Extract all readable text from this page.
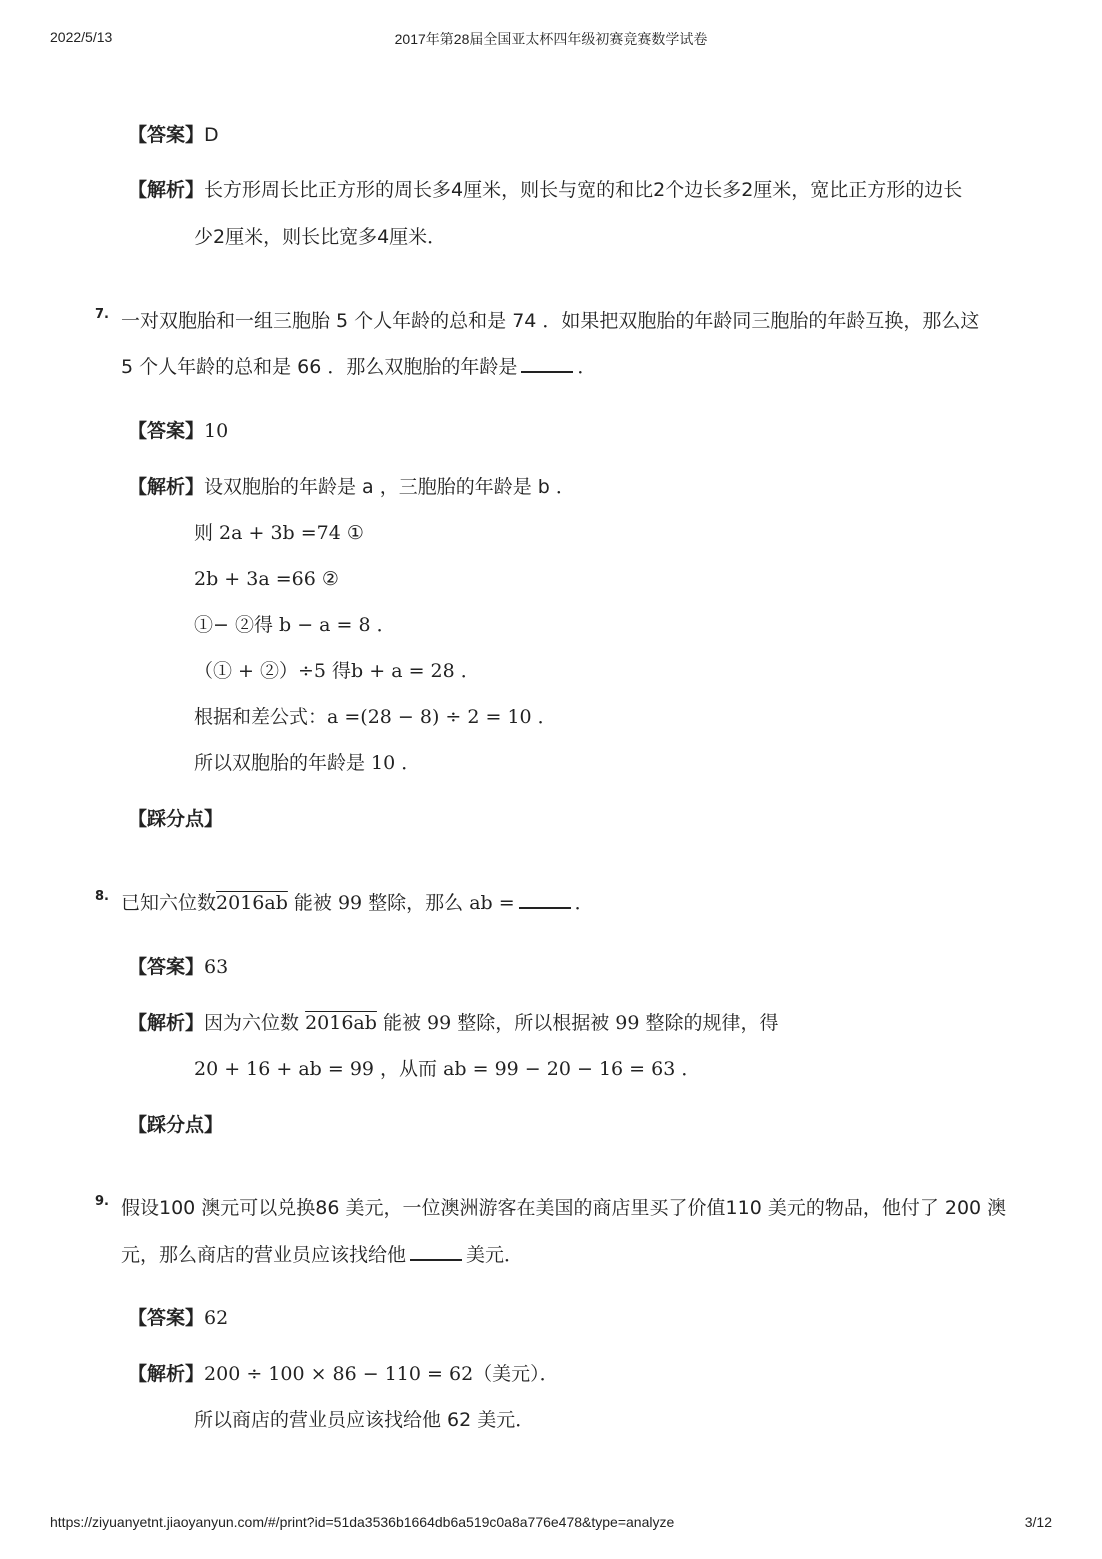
2022/5/13	2017年第28届全国亚太杯四年级初赛竞赛数学试卷
【答案】D
【解析】长方形周长比正方形的周长多4厘米，则长与宽的和比2个边长多2厘米，宽比正方形的边长
少2厘米，则长比宽多4厘米．
7. 一对双胞胎和一组三胞胎 5 个人年龄的总和是 74 ．如果把双胞胎的年龄同三胞胎的年龄互换，那么这
5 个人年龄的总和是 66 ．那么双胞胎的年龄是	．
【答案】10
【解析】设双胞胎的年龄是 a ，三胞胎的年龄是 b ．
则 2a + 3b =74 ①
2b + 3a =66 ②
①− ②得 b − a = 8 ．
（① + ②）÷5 得b + a = 28 ．
根据和差公式：a =(28 − 8) ÷ 2 = 10 ．
所以双胞胎的年龄是 10 ．
【踩分点】
8. 已知六位数2016ab 能被 99 整除，那么 ab =	．
【答案】63
【解析】因为六位数 2016ab 能被 99 整除，所以根据被 99 整除的规律，得
20 + 16 + ab = 99 ，从而 ab = 99 − 20 − 16 = 63 ．
【踩分点】
9. 假设100 澳元可以兑换86 美元，一位澳洲游客在美国的商店里买了价值110 美元的物品，他付了 200 澳
元，那么商店的营业员应该找给他	美元．
【答案】62
【解析】200 ÷ 100 × 86 − 110 = 62（美元）．
所以商店的营业员应该找给他 62 美元．
https://ziyuanyetnt.jiaoyanyun.com/#/print?id=51da3536b1664db6a519c0a8a776e478&type=analyze	3/12
